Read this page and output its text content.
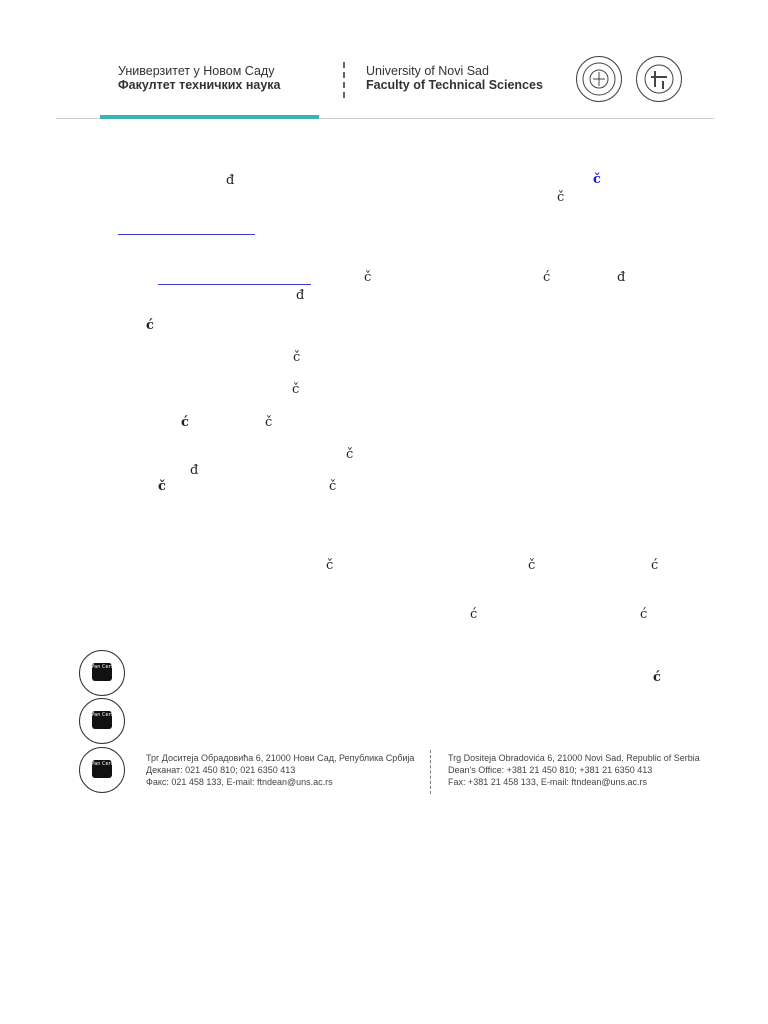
Универзитет у Новом Саду
Факултет техничких наука
University of Novi Sad
Faculty of Technical Sciences
đ	č
č
č	ć	đ
đ
ć
č
č
ć	č
č
đ
č	č
č	č	ć
ć	ć
ć
Pan Cert
Pan Cert
Pan Cert
Трг Доситеја Обрадовића 6, 21000 Нови Сад, Република Србија
Деканат: 021 450 810; 021 6350 413
Факс: 021 458 133, E-mail: ftndean@uns.ac.rs
Trg Dositeja Obradovića 6, 21000 Novi Sad, Republic of Serbia
Dean's Office: +381 21 450 810; +381 21 6350 413
Fax: +381 21 458 133, E-mail: ftndean@uns.ac.rs
